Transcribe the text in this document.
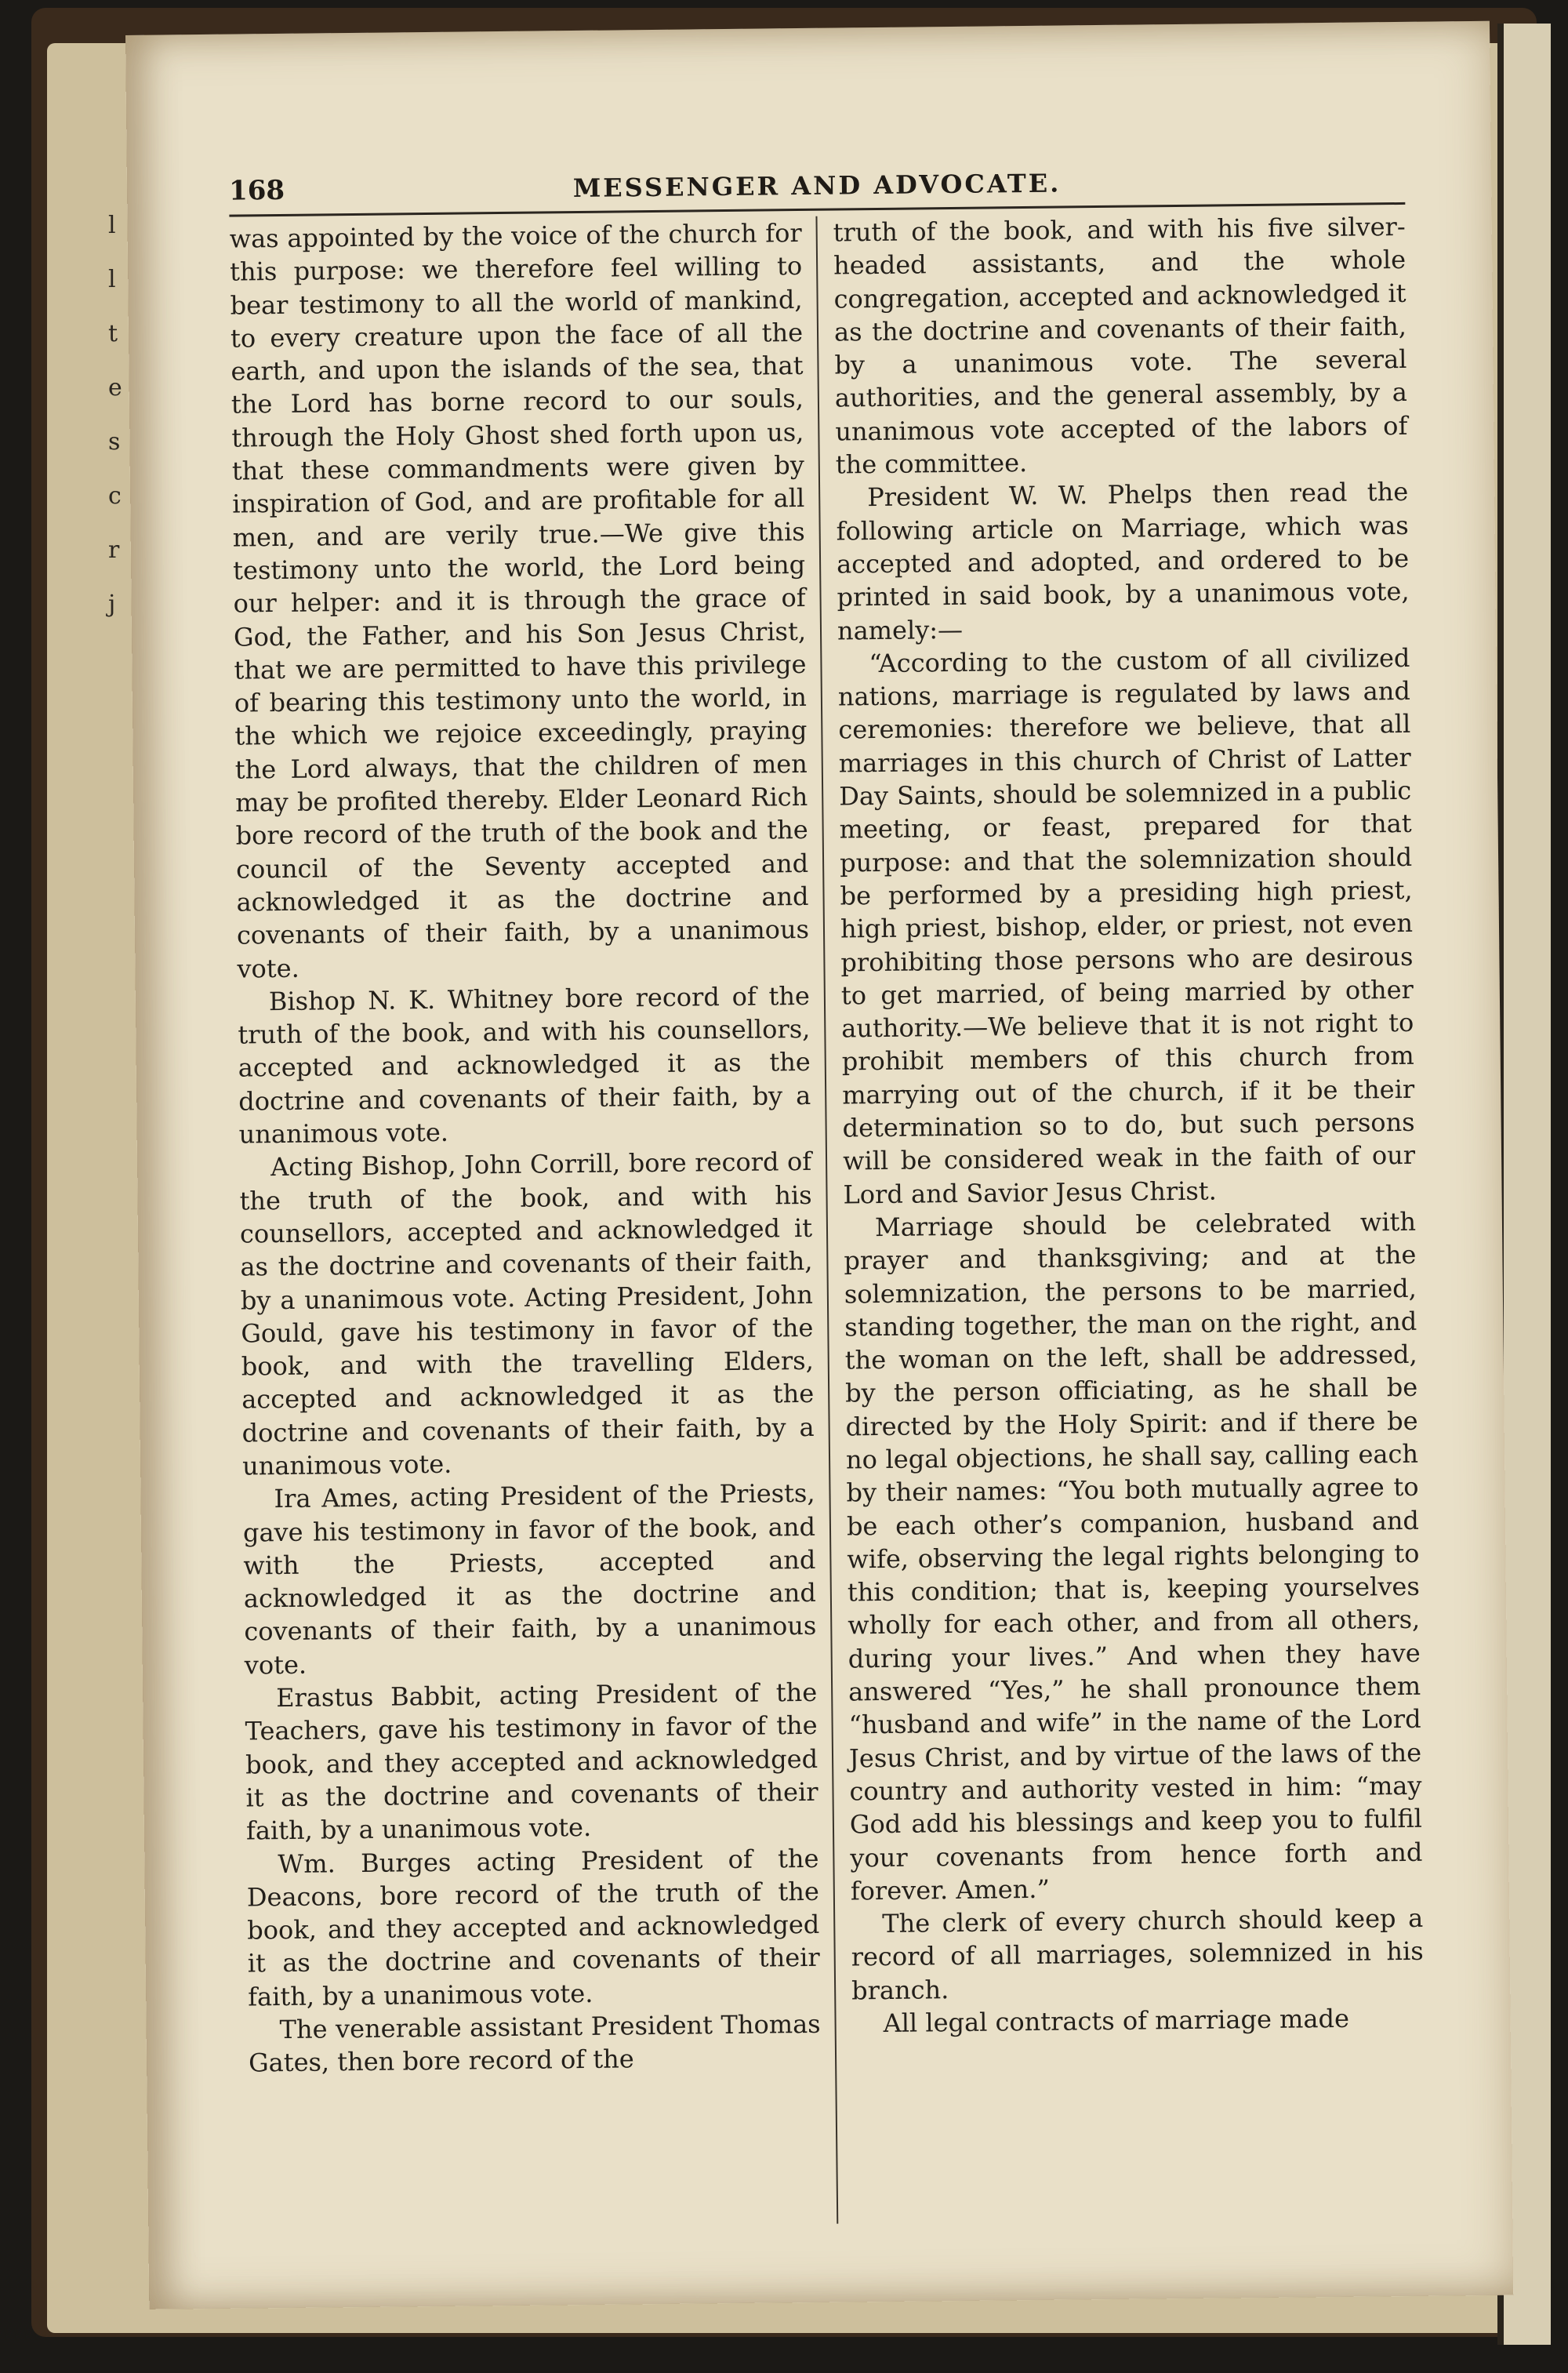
l
l
t
e
s
c
r
j
168	MESSENGER AND ADVOCATE.

was appointed by the voice of the church for this purpose: we therefore feel willing to bear testimony to all the world of mankind, to every creature upon the face of all the earth, and upon the islands of the sea, that the Lord has borne record to our souls, through the Holy Ghost shed forth upon us, that these commandments were given by inspiration of God, and are profitable for all men, and are verily true.—We give this testimony unto the world, the Lord being our helper: and it is through the grace of God, the Father, and his Son Jesus Christ, that we are permitted to have this privilege of bearing this testimony unto the world, in the which we rejoice exceedingly, praying the Lord always, that the children of men may be profited thereby. Elder Leonard Rich bore record of the truth of the book and the council of the Seventy accepted and acknowledged it as the doctrine and covenants of their faith, by a unanimous vote.

Bishop N. K. Whitney bore record of the truth of the book, and with his counsellors, accepted and acknowledged it as the doctrine and covenants of their faith, by a unanimous vote.

Acting Bishop, John Corrill, bore record of the truth of the book, and with his counsellors, accepted and acknowledged it as the doctrine and covenants of their faith, by a unanimous vote. Acting President, John Gould, gave his testimony in favor of the book, and with the travelling Elders, accepted and acknowledged it as the doctrine and covenants of their faith, by a unanimous vote.

Ira Ames, acting President of the Priests, gave his testimony in favor of the book, and with the Priests, accepted and acknowledged it as the doctrine and covenants of their faith, by a unanimous vote.

Erastus Babbit, acting President of the Teachers, gave his testimony in favor of the book, and they accepted and acknowledged it as the doctrine and covenants of their faith, by a unanimous vote.

Wm. Burges acting President of the Deacons, bore record of the truth of the book, and they accepted and acknowledged it as the doctrine and covenants of their faith, by a unanimous vote.

The venerable assistant President Thomas Gates, then bore record of the

truth of the book, and with his five silver-headed assistants, and the whole congregation, accepted and acknowledged it as the doctrine and covenants of their faith, by a unanimous vote. The several authorities, and the general assembly, by a unanimous vote accepted of the labors of the committee.

President W. W. Phelps then read the following article on Marriage, which was accepted and adopted, and ordered to be printed in said book, by a unanimous vote, namely:—

“According to the custom of all civilized nations, marriage is regulated by laws and ceremonies: therefore we believe, that all marriages in this church of Christ of Latter Day Saints, should be solemnized in a public meeting, or feast, prepared for that purpose: and that the solemnization should be performed by a presiding high priest, high priest, bishop, elder, or priest, not even prohibiting those persons who are desirous to get married, of being married by other authority.—We believe that it is not right to prohibit members of this church from marrying out of the church, if it be their determination so to do, but such persons will be considered weak in the faith of our Lord and Savior Jesus Christ.

Marriage should be celebrated with prayer and thanksgiving; and at the solemnization, the persons to be married, standing together, the man on the right, and the woman on the left, shall be addressed, by the person officiating, as he shall be directed by the Holy Spirit: and if there be no legal objections, he shall say, calling each by their names: “You both mutually agree to be each other’s companion, husband and wife, observing the legal rights belonging to this condition; that is, keeping yourselves wholly for each other, and from all others, during your lives.” And when they have answered “Yes,” he shall pronounce them “husband and wife” in the name of the Lord Jesus Christ, and by virtue of the laws of the country and authority vested in him: “may God add his blessings and keep you to fulfil your covenants from hence forth and forever. Amen.”

The clerk of every church should keep a record of all marriages, solemnized in his branch.

All legal contracts of marriage made
